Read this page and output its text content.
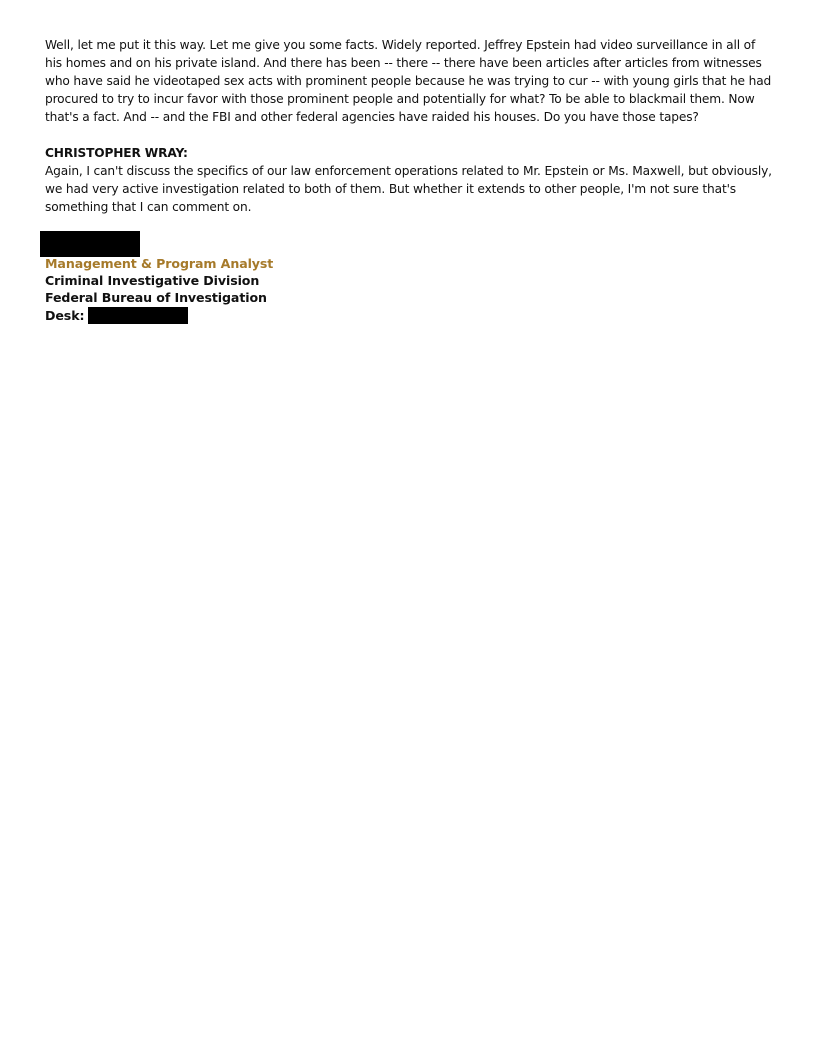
Well, let me put it this way. Let me give you some facts. Widely reported. Jeffrey Epstein had video surveillance in all of his homes and on his private island. And there has been -- there -- there have been articles after articles from witnesses who have said he videotaped sex acts with prominent people because he was trying to cur -- with young girls that he had procured to try to incur favor with those prominent people and potentially for what? To be able to blackmail them. Now that's a fact. And -- and the FBI and other federal agencies have raided his houses. Do you have those tapes?

CHRISTOPHER WRAY:

Again, I can't discuss the specifics of our law enforcement operations related to Mr. Epstein or Ms. Maxwell, but obviously, we had very active investigation related to both of them. But whether it extends to other people, I'm not sure that's something that I can comment on.

Management & Program Analyst
Criminal Investigative Division
Federal Bureau of Investigation
Desk:
